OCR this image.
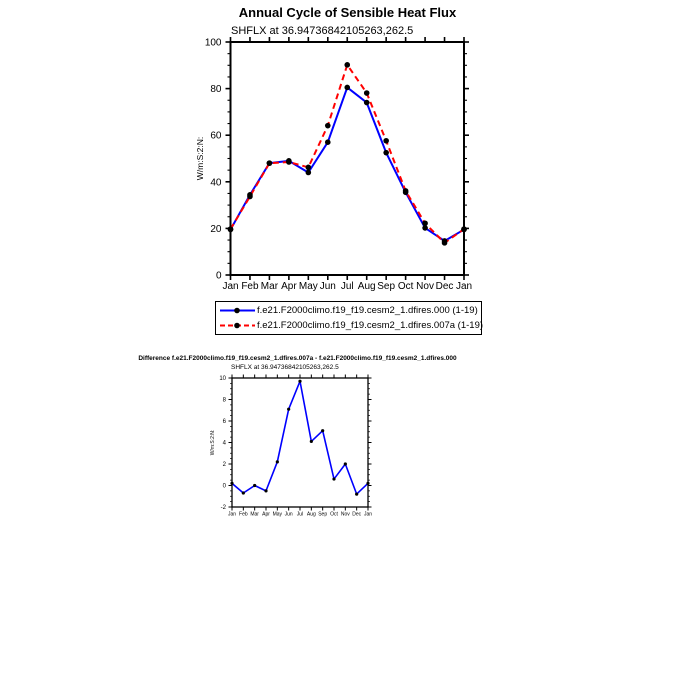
Annual Cycle of Sensible Heat Flux
SHFLX at 36.94736842105263,262.5
0
20
40
60
80
100
Jan Feb Mar Apr May Jun Jul Aug Sep Oct Nov Dec Jan
W/m:S:2:N:
f.e21.F2000climo.f19_f19.cesm2_1.dfires.000 (1-19)
f.e21.F2000climo.f19_f19.cesm2_1.dfires.007a (1-19)
Difference f.e21.F2000climo.f19_f19.cesm2_1.dfires.007a - f.e21.F2000climo.f19_f19.cesm2_1.dfires.000
SHFLX at 36.94736842105263,262.5
-2
0
2
4
6
8
10
Jan Feb Mar Apr May Jun Jul Aug Sep Oct Nov Dec Jan
W/m:S:2:N:
